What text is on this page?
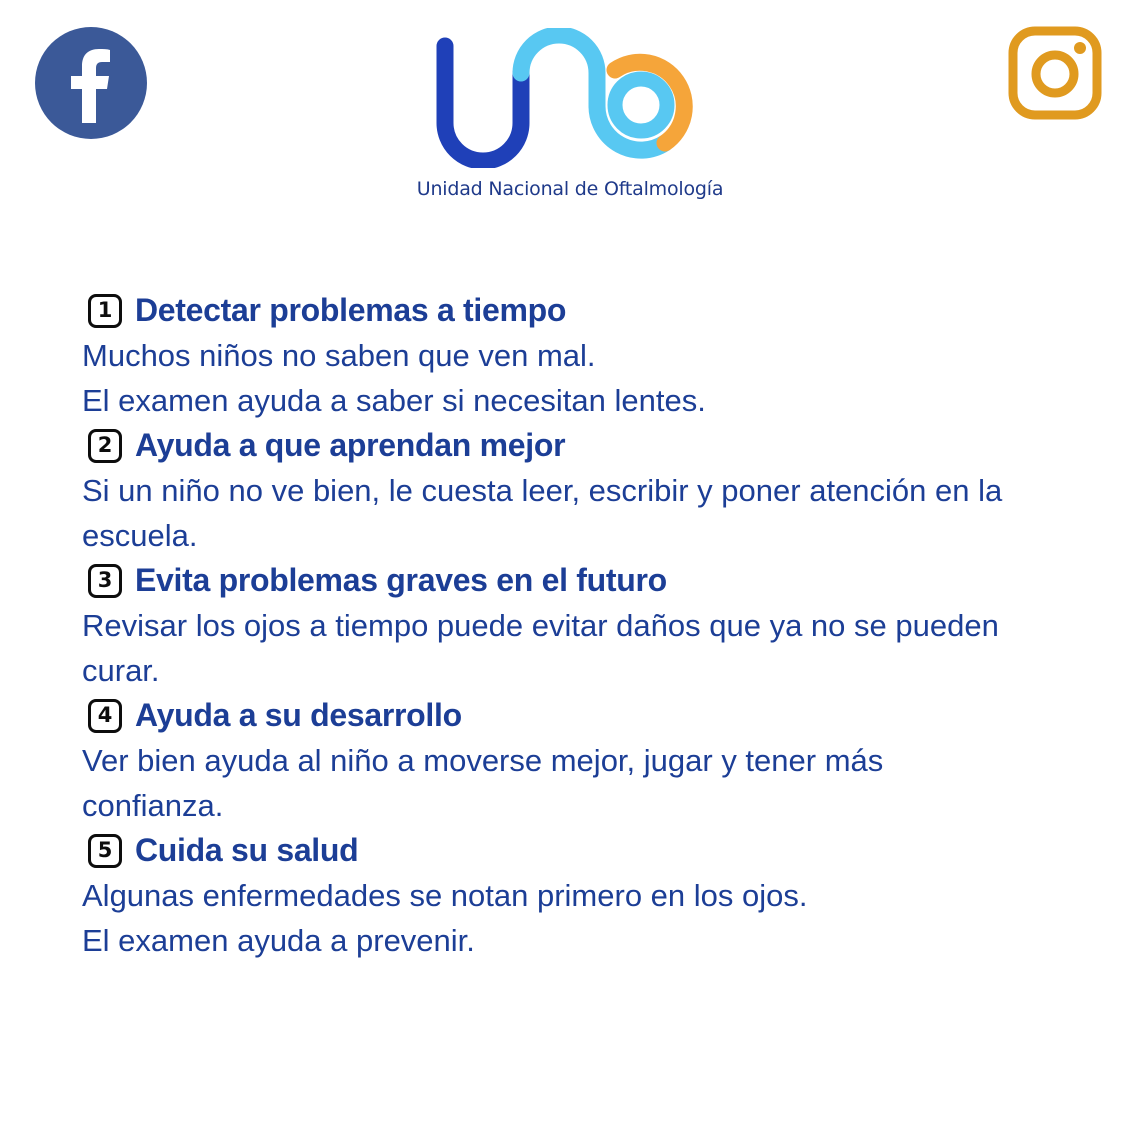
Unidad Nacional de Oftalmología
1 Detectar problemas a tiempo
Muchos niños no saben que ven mal.
El examen ayuda a saber si necesitan lentes.
2 Ayuda a que aprendan mejor
Si un niño no ve bien, le cuesta leer, escribir y poner atención en la
escuela.
3 Evita problemas graves en el futuro
Revisar los ojos a tiempo puede evitar daños que ya no se pueden
curar.
4 Ayuda a su desarrollo
Ver bien ayuda al niño a moverse mejor, jugar y tener más
confianza.
5 Cuida su salud
Algunas enfermedades se notan primero en los ojos.
El examen ayuda a prevenir.
